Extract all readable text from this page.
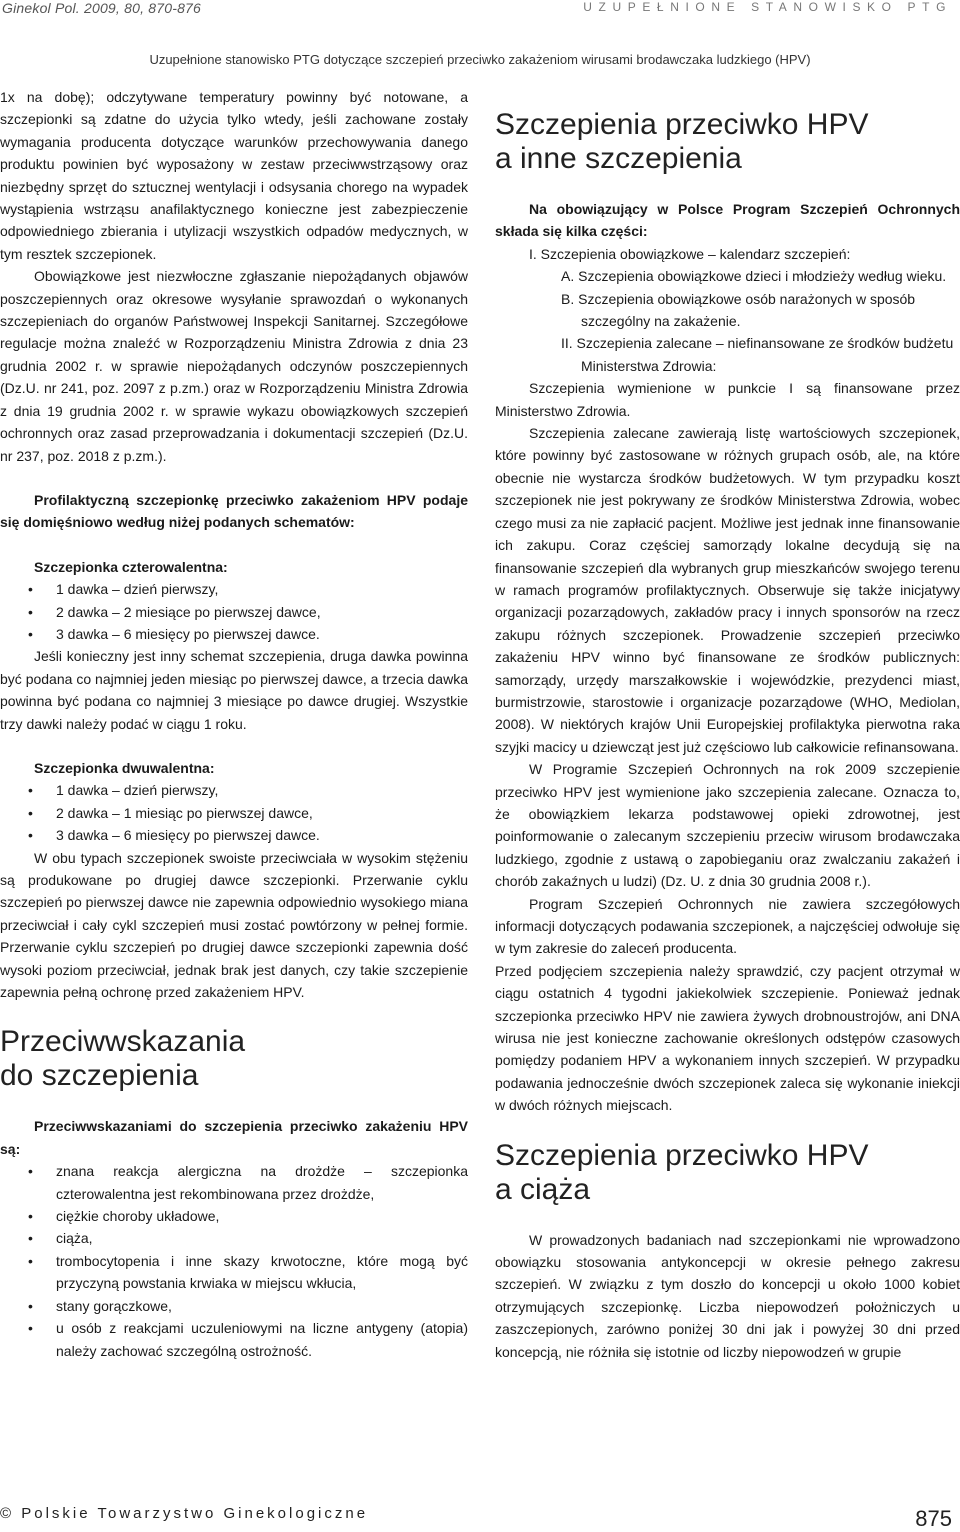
Ginekol Pol. 2009, 80, 870-876	UZUPEŁNIONE STANOWISKO PTG
Uzupełnione stanowisko PTG dotyczące szczepień przeciwko zakażeniom wirusami brodawczaka ludzkiego (HPV)

1x na dobę); odczytywane temperatury powinny być notowane, a szczepionki są zdatne do użycia tylko wtedy, jeśli zachowane zostały wymagania producenta dotyczące warunków przechowywania danego produktu powinien być wyposażony w zestaw przeciwwstrząsowy oraz niezbędny sprzęt do sztucznej wentylacji i odsysania chorego na wypadek wystąpienia wstrząsu anafilaktycznego konieczne jest zabezpieczenie odpowiedniego zbierania i utylizacji wszystkich odpadów medycznych, w tym resztek szczepionek.

Obowiązkowe jest niezwłoczne zgłaszanie niepożądanych objawów poszczepiennych oraz okresowe wysyłanie sprawozdań o wykonanych szczepieniach do organów Państwowej Inspekcji Sanitarnej. Szczegółowe regulacje można znaleźć w Rozporządzeniu Ministra Zdrowia z dnia 23 grudnia 2002 r. w sprawie niepożądanych odczynów poszczepiennych (Dz.U. nr 241, poz. 2097 z p.zm.) oraz w Rozporządzeniu Ministra Zdrowia z dnia 19 grudnia 2002 r. w sprawie wykazu obowiązkowych szczepień ochronnych oraz zasad przeprowadzania i dokumentacji szczepień (Dz.U. nr 237, poz. 2018 z p.zm.).

Profilaktyczną szczepionkę przeciwko zakażeniom HPV podaje się domięśniowo według niżej podanych schematów:

Szczepionka czterowalentna:

• 1 dawka – dzień pierwszy,
• 2 dawka – 2 miesiące po pierwszej dawce,
• 3 dawka – 6 miesięcy po pierwszej dawce.

Jeśli konieczny jest inny schemat szczepienia, druga dawka powinna być podana co najmniej jeden miesiąc po pierwszej dawce, a trzecia dawka powinna być podana co najmniej 3 miesiące po dawce drugiej. Wszystkie trzy dawki należy podać w ciągu 1 roku.

Szczepionka dwuwalentna:

• 1 dawka – dzień pierwszy,
• 2 dawka – 1 miesiąc po pierwszej dawce,
• 3 dawka – 6 miesięcy po pierwszej dawce.

W obu typach szczepionek swoiste przeciwciała w wysokim stężeniu są produkowane po drugiej dawce szczepionki. Przerwanie cyklu szczepień po pierwszej dawce nie zapewnia odpowiednio wysokiego miana przeciwciał i cały cykl szczepień musi zostać powtórzony w pełnej formie. Przerwanie cyklu szczepień po drugiej dawce szczepionki zapewnia dość wysoki poziom przeciwciał, jednak brak jest danych, czy takie szczepienie zapewnia pełną ochronę przed zakażeniem HPV.

Przeciwwskazania
do szczepienia

Przeciwwskazaniami do szczepienia przeciwko zakażeniu HPV są:

• znana reakcja alergiczna na drożdże – szczepionka czterowalentna jest rekombinowana przez drożdże,
• ciężkie choroby układowe,
• ciąża,
• trombocytopenia i inne skazy krwotoczne, które mogą być przyczyną powstania krwiaka w miejscu wkłucia,
• stany gorączkowe,
• u osób z reakcjami uczuleniowymi na liczne antygeny (atopia) należy zachować szczególną ostrożność.
Szczepienia przeciwko HPV
a inne szczepienia

Na obowiązujący w Polsce Program Szczepień Ochronnych składa się kilka części:

I. Szczepienia obowiązkowe – kalendarz szczepień:

A. Szczepienia obowiązkowe dzieci i młodzieży według wieku.

B. Szczepienia obowiązkowe osób narażonych w sposób szczególny na zakażenie.

II. Szczepienia zalecane – niefinansowane ze środków budżetu Ministerstwa Zdrowia:

Szczepienia wymienione w punkcie I są finansowane przez Ministerstwo Zdrowia.

Szczepienia zalecane zawierają listę wartościowych szczepionek, które powinny być zastosowane w różnych grupach osób, ale, na które obecnie nie wystarcza środków budżetowych. W tym przypadku koszt szczepionek nie jest pokrywany ze środków Ministerstwa Zdrowia, wobec czego musi za nie zapłacić pacjent. Możliwe jest jednak inne finansowanie ich zakupu. Coraz częściej samorządy lokalne decydują się na finansowanie szczepień dla wybranych grup mieszkańców swojego terenu w ramach programów profilaktycznych. Obserwuje się także inicjatywy organizacji pozarządowych, zakładów pracy i innych sponsorów na rzecz zakupu różnych szczepionek. Prowadzenie szczepień przeciwko zakażeniu HPV winno być finansowane ze środków publicznych: samorządy, urzędy marszałkowskie i wojewódzkie, prezydenci miast, burmistrzowie, starostowie i organizacje pozarządowe (WHO, Mediolan, 2008). W niektórych krajów Unii Europejskiej profilaktyka pierwotna raka szyjki macicy u dziewcząt jest już częściowo lub całkowicie refinansowana.

W Programie Szczepień Ochronnych na rok 2009 szczepienie przeciwko HPV jest wymienione jako szczepienia zalecane. Oznacza to, że obowiązkiem lekarza podstawowej opieki zdrowotnej, jest poinformowanie o zalecanym szczepieniu przeciw wirusom brodawczaka ludzkiego, zgodnie z ustawą o zapobieganiu oraz zwalczaniu zakażeń i chorób zakaźnych u ludzi) (Dz. U. z dnia 30 grudnia 2008 r.).

Program Szczepień Ochronnych nie zawiera szczegółowych informacji dotyczących podawania szczepionek, a najczęściej odwołuje się w tym zakresie do zaleceń producenta.

Przed podjęciem szczepienia należy sprawdzić, czy pacjent otrzymał w ciągu ostatnich 4 tygodni jakiekolwiek szczepienie. Ponieważ jednak szczepionka przeciwko HPV nie zawiera żywych drobnoustrojów, ani DNA wirusa nie jest konieczne zachowanie określonych odstępów czasowych pomiędzy podaniem HPV a wykonaniem innych szczepień. W przypadku podawania jednocześnie dwóch szczepionek zaleca się wykonanie iniekcji w dwóch różnych miejscach.

Szczepienia przeciwko HPV
a ciąża

W prowadzonych badaniach nad szczepionkami nie wprowadzono obowiązku stosowania antykoncepcji w okresie pełnego zakresu szczepień. W związku z tym doszło do koncepcji u około 1000 kobiet otrzymujących szczepionkę. Liczba niepowodzeń położniczych u zaszczepionych, zarówno poniżej 30 dni jak i powyżej 30 dni przed koncepcją, nie różniła się istotnie od liczby niepowodzeń w grupie

© Polskie Towarzystwo Ginekologiczne	875
